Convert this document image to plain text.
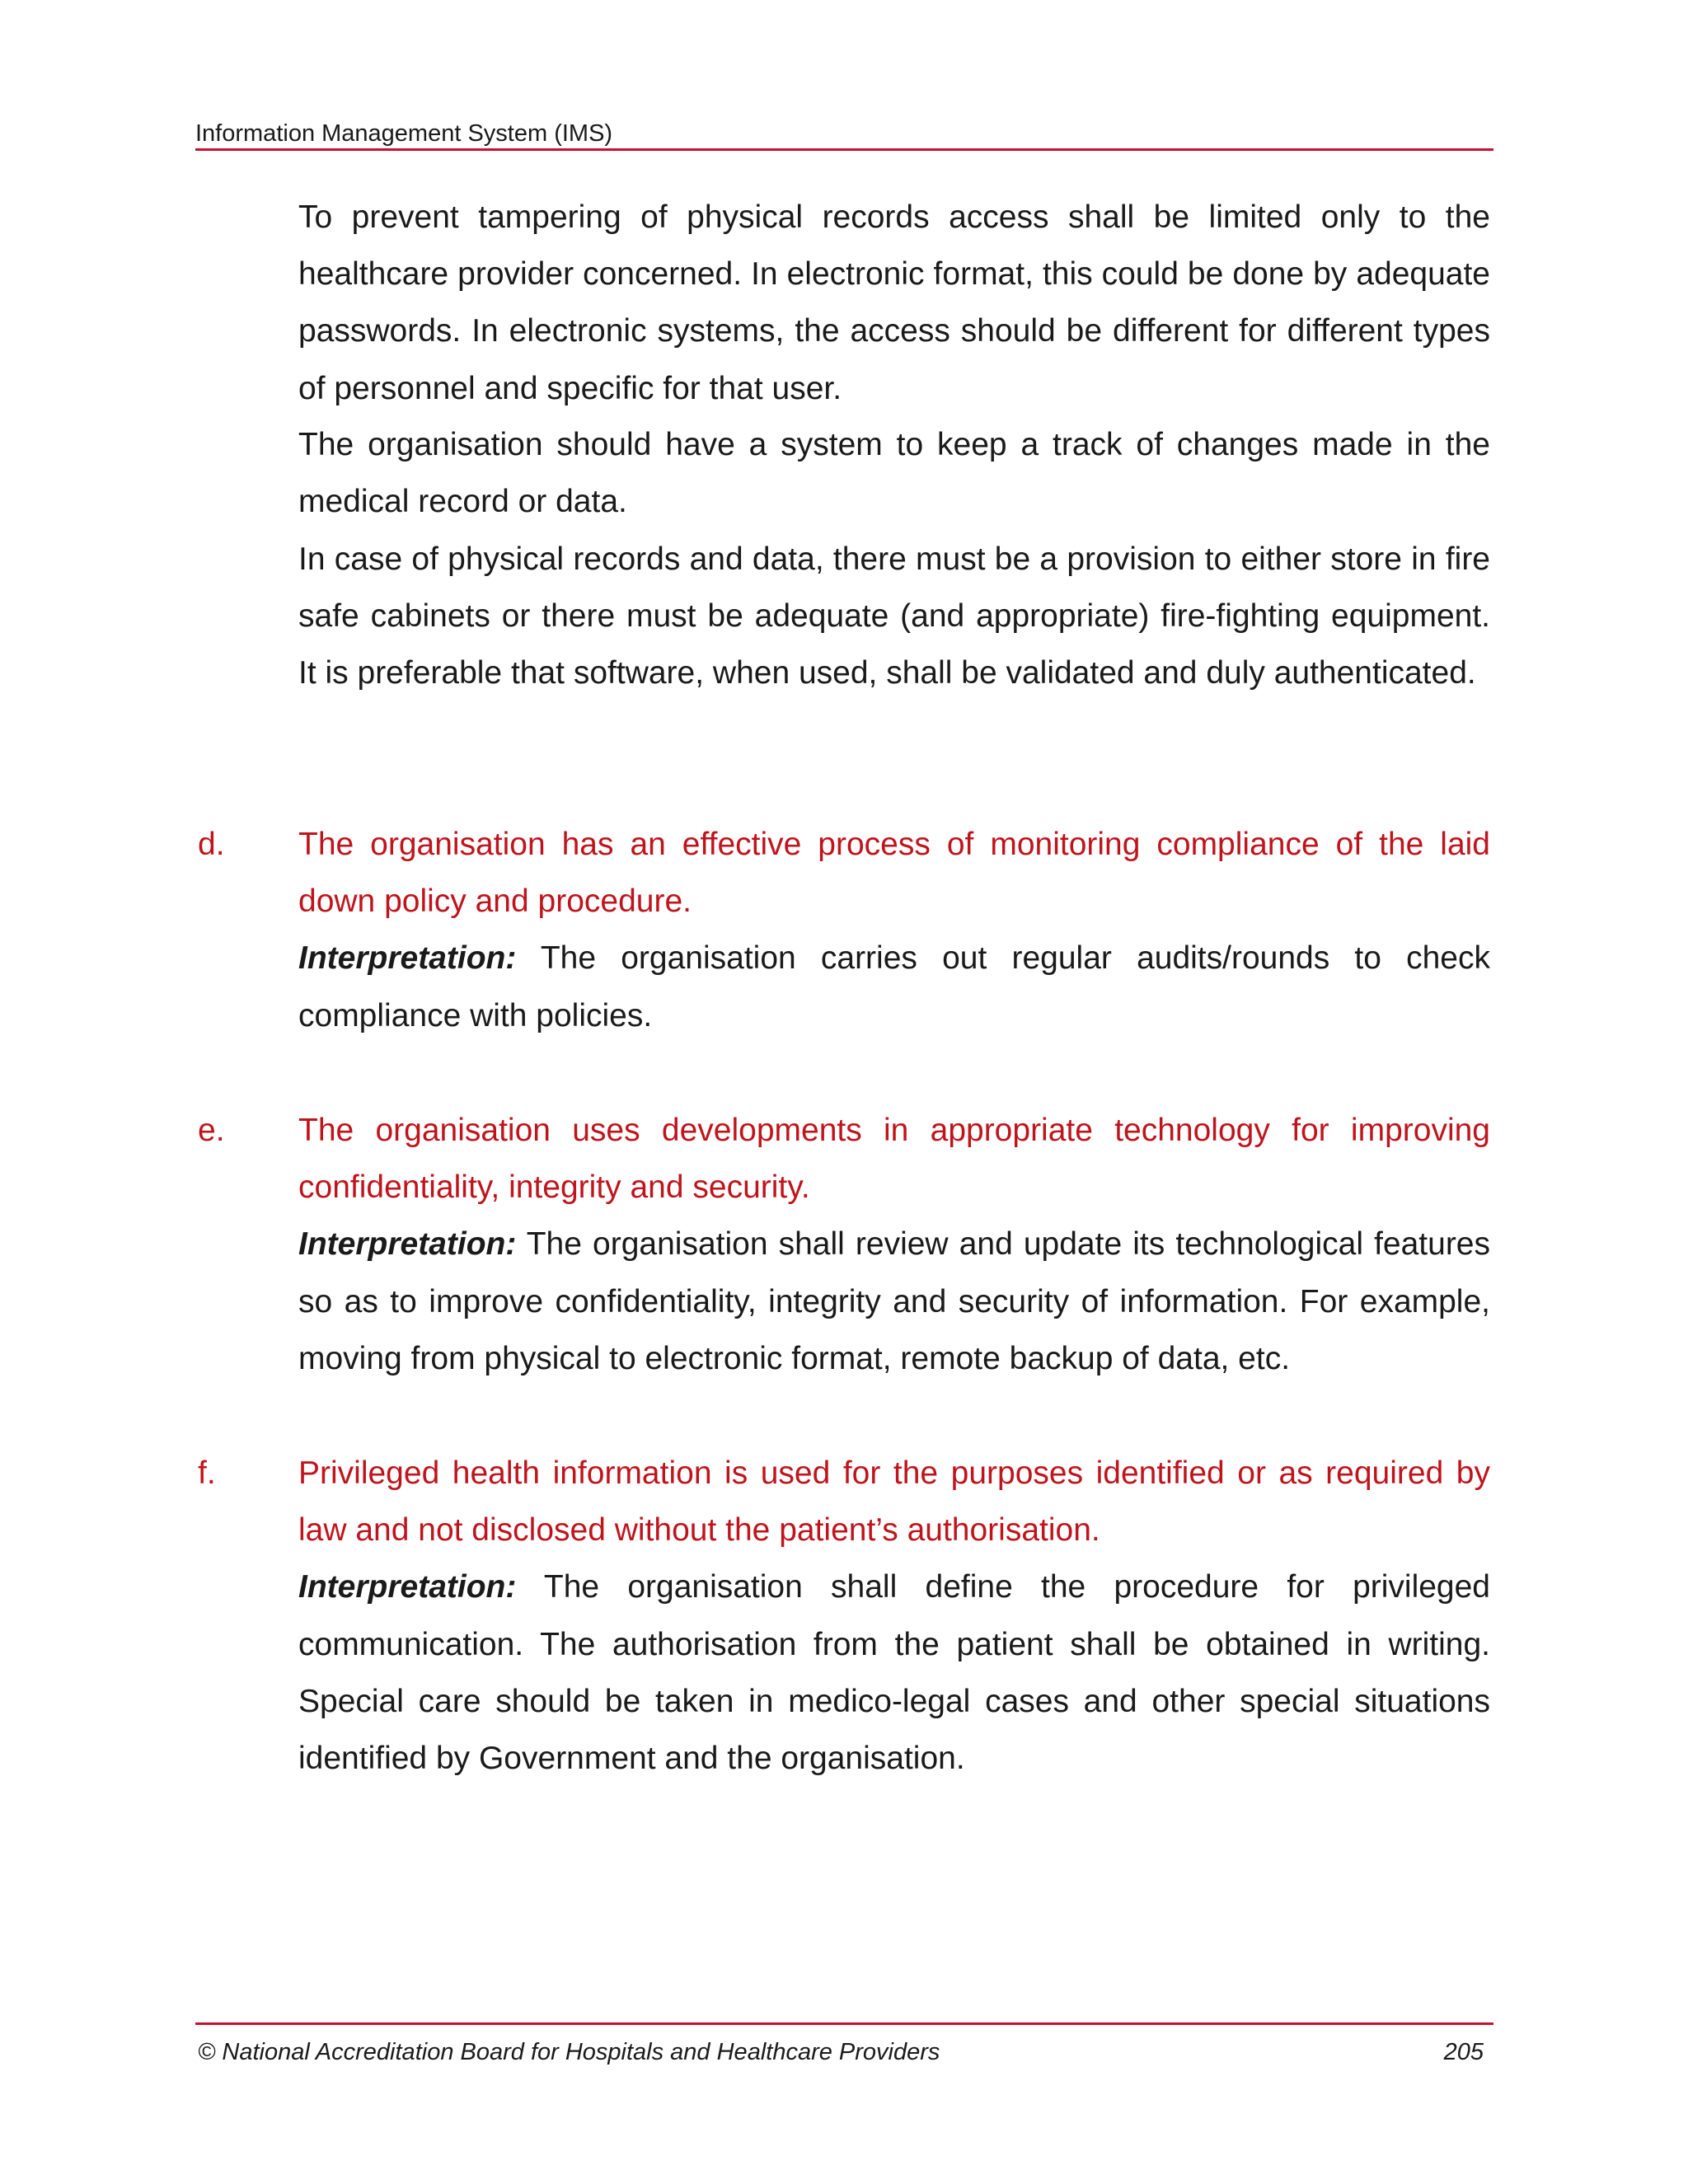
Information Management System (IMS)

To prevent tampering of physical records access shall be limited only to the healthcare provider concerned. In electronic format, this could be done by adequate passwords. In electronic systems, the access should be different for different types of personnel and specific for that user.

The organisation should have a system to keep a track of changes made in the medical record or data.

In case of physical records and data, there must be a provision to either store in fire safe cabinets or there must be adequate (and appropriate) fire-fighting equipment. It is preferable that software, when used, shall be validated and duly authenticated.

d. The organisation has an effective process of monitoring compliance of the laid down policy and procedure.
Interpretation: The organisation carries out regular audits/rounds to check compliance with policies.

e. The organisation uses developments in appropriate technology for improving confidentiality, integrity and security.
Interpretation: The organisation shall review and update its technological features so as to improve confidentiality, integrity and security of information. For example, moving from physical to electronic format, remote backup of data, etc.

f.	Privileged health information is used for the purposes identified or as required by law and not disclosed without the patient’s authorisation.
Interpretation: The organisation shall define the procedure for privileged communication. The authorisation from the patient shall be obtained in writing. Special care should be taken in medico-legal cases and other special situations identified by Government and the organisation.

© National Accreditation Board for Hospitals and Healthcare Providers	205
